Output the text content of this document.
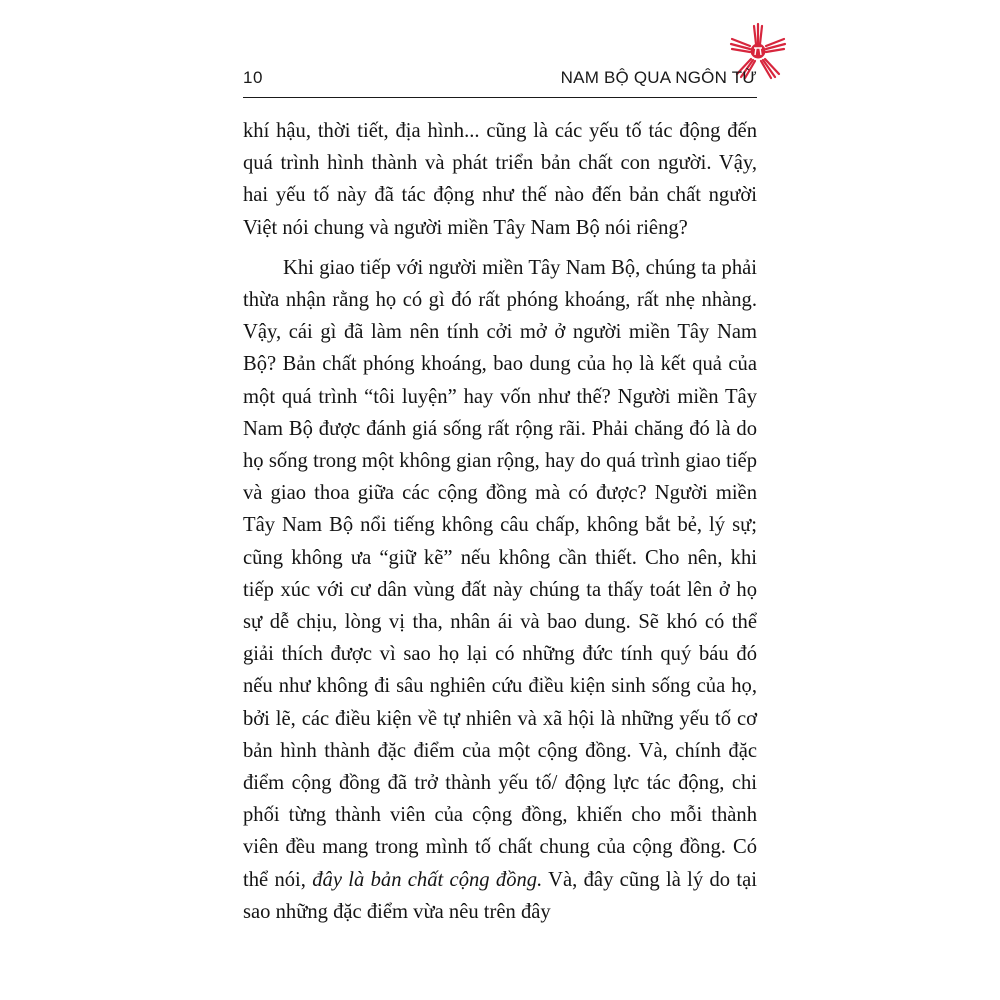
10	NAM BỘ QUA NGÔN TỪ

khí hậu, thời tiết, địa hình... cũng là các yếu tố tác động đến quá trình hình thành và phát triển bản chất con người. Vậy, hai yếu tố này đã tác động như thế nào đến bản chất người Việt nói chung và người miền Tây Nam Bộ nói riêng?

Khi giao tiếp với người miền Tây Nam Bộ, chúng ta phải thừa nhận rằng họ có gì đó rất phóng khoáng, rất nhẹ nhàng. Vậy, cái gì đã làm nên tính cởi mở ở người miền Tây Nam Bộ? Bản chất phóng khoáng, bao dung của họ là kết quả của một quá trình “tôi luyện” hay vốn như thế? Người miền Tây Nam Bộ được đánh giá sống rất rộng rãi. Phải chăng đó là do họ sống trong một không gian rộng, hay do quá trình giao tiếp và giao thoa giữa các cộng đồng mà có được? Người miền Tây Nam Bộ nổi tiếng không câu chấp, không bắt bẻ, lý sự; cũng không ưa “giữ kẽ” nếu không cần thiết. Cho nên, khi tiếp xúc với cư dân vùng đất này chúng ta thấy toát lên ở họ sự dễ chịu, lòng vị tha, nhân ái và bao dung. Sẽ khó có thể giải thích được vì sao họ lại có những đức tính quý báu đó nếu như không đi sâu nghiên cứu điều kiện sinh sống của họ, bởi lẽ, các điều kiện về tự nhiên và xã hội là những yếu tố cơ bản hình thành đặc điểm của một cộng đồng. Và, chính đặc điểm cộng đồng đã trở thành yếu tố/ động lực tác động, chi phối từng thành viên của cộng đồng, khiến cho mỗi thành viên đều mang trong mình tố chất chung của cộng đồng. Có thể nói, đây là bản chất cộng đồng. Và, đây cũng là lý do tại sao những đặc điểm vừa nêu trên đây
